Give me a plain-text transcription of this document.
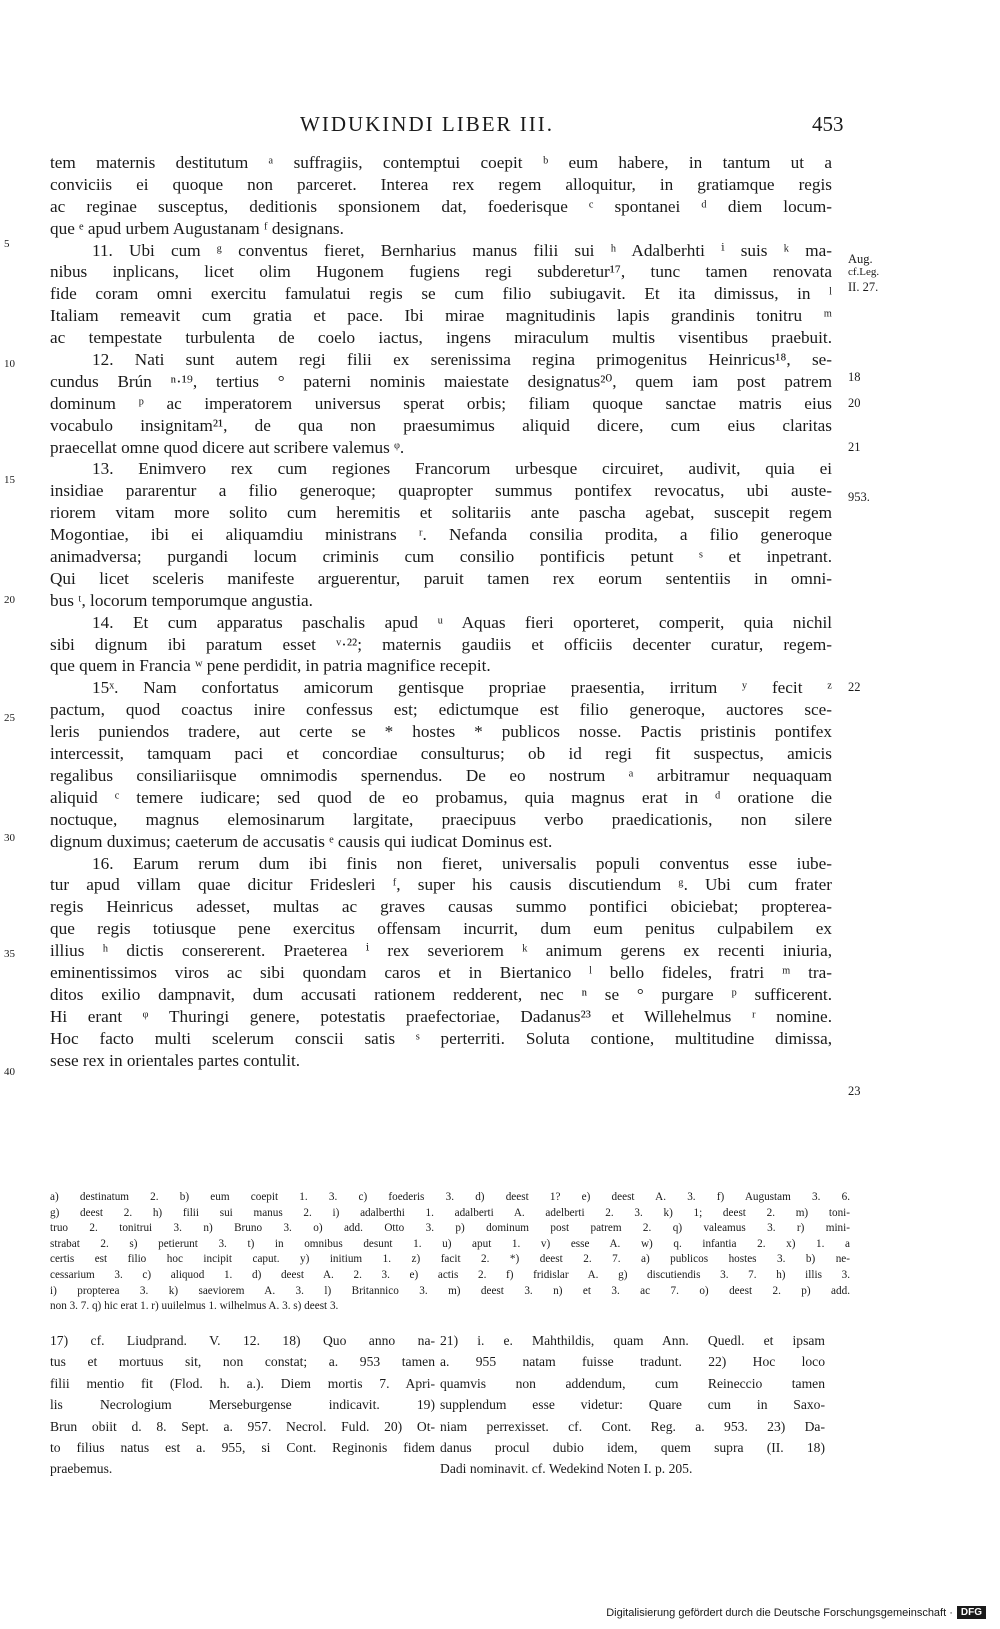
WIDUKINDI LIBER III.	453
tem maternis destitutum ᵃ suffragiis, contemptui coepit ᵇ eum habere, in tantum ut a
conviciis ei quoque non parceret. Interea rex regem alloquitur, in gratiamque regis
ac reginae susceptus, deditionis sponsionem dat, foederisque ᶜ spontanei ᵈ diem locum-
que ᵉ apud urbem Augustanam ᶠ designans.
11. Ubi cum ᵍ conventus fieret, Bernharius manus filii sui ʰ Adalberhti ⁱ suis ᵏ ma-
nibus inplicans, licet olim Hugonem fugiens regi subderetur¹⁷, tunc tamen renovata
fide coram omni exercitu famulatui regis se cum filio subiugavit. Et ita dimissus, in ˡ
Italiam remeavit cum gratia et pace. Ibi mirae magnitudinis lapis grandinis tonitru ᵐ
ac tempestate turbulenta de coelo iactus, ingens miraculum multis visentibus praebuit.
12. Nati sunt autem regi filii ex serenissima regina primogenitus Heinricus¹⁸, se-
cundus Brún ⁿ·¹⁹, tertius ° paterni nominis maiestate designatus²⁰, quem iam post patrem
dominum ᵖ ac imperatorem universus sperat orbis; filiam quoque sanctae matris eius
vocabulo insignitam²¹, de qua non praesumimus aliquid dicere, cum eius claritas
praecellat omne quod dicere aut scribere valemus ᵠ.
13. Enimvero rex cum regiones Francorum urbesque circuiret, audivit, quia ei
insidiae pararentur a filio generoque; quapropter summus pontifex revocatus, ubi auste-
riorem vitam more solito cum heremitis et solitariis ante pascha agebat, suscepit regem
Mogontiae, ibi ei aliquamdiu ministrans ʳ. Nefanda consilia prodita, a filio generoque
animadversa; purgandi locum criminis cum consilio pontificis petunt ˢ et inpetrant.
Qui licet sceleris manifeste arguerentur, paruit tamen rex eorum sententiis in omni-
bus ᵗ, locorum temporumque angustia.
14. Et cum apparatus paschalis apud ᵘ Aquas fieri oporteret, comperit, quia nichil
sibi dignum ibi paratum esset ᵛ·²²; maternis gaudiis et officiis decenter curatur, regem-
que quem in Francia ʷ pene perdidit, in patria magnifice recepit.
15ˣ. Nam confortatus amicorum gentisque propriae praesentia, irritum ʸ fecit ᶻ
pactum, quod coactus inire confessus est; edictumque est filio generoque, auctores sce-
leris puniendos tradere, aut certe se * hostes * publicos nosse. Pactis pristinis pontifex
intercessit, tamquam paci et concordiae consulturus; ob id regi fit suspectus, amicis
regalibus consiliariisque omnimodis spernendus. De eo nostrum ᵃ arbitramur nequaquam
aliquid ᶜ temere iudicare; sed quod de eo probamus, quia magnus erat in ᵈ oratione die
noctuque, magnus elemosinarum largitate, praecipuus verbo praedicationis, non silere
dignum duximus; caeterum de accusatis ᵉ causis qui iudicat Dominus est.
16. Earum rerum dum ibi finis non fieret, universalis populi conventus esse iube-
tur apud villam quae dicitur Fridesleri ᶠ, super his causis discutiendum ᵍ. Ubi cum frater
regis Heinricus adesset, multas ac graves causas summo pontifici obiciebat; propterea-
que regis totiusque pene exercitus offensam incurrit, dum eum penitus culpabilem ex
illius ʰ dictis consererent. Praeterea ⁱ rex severiorem ᵏ animum gerens ex recenti iniuria,
eminentissimos viros ac sibi quondam caros et in Biertanico ˡ bello fideles, fratri ᵐ tra-
ditos exilio dampnavit, dum accusati rationem redderent, nec ⁿ se ° purgare ᵖ sufficerent.
Hi erant ᵠ Thuringi genere, potestatis praefectoriae, Dadanus²³ et Willehelmus ʳ nomine.
Hoc facto multi scelerum conscii satis ˢ perterriti. Soluta contione, multitudine dimissa,
sese rex in orientales partes contulit.
5
10
15
20
25
30
35
40
Aug.
cf.Leg.
II. 27.
18
20
21
953.
22
23
a) destinatum 2. b) eum coepit 1. 3. c) foederis 3. d) deest 1? e) deest A. 3. f) Augustam 3. 6.
g) deest 2. h) filii sui manus 2. i) adalberthi 1. adalberti A. adelberti 2. 3. k) 1; deest 2. m) toni-
truo 2. tonitrui 3. n) Bruno 3. o) add. Otto 3. p) dominum post patrem 2. q) valeamus 3. r) mini-
strabat 2. s) petierunt 3. t) in omnibus desunt 1. u) aput 1. v) esse A. w) q. infantia 2. x) 1. a
certis est filio hoc incipit caput. y) initium 1. z) facit 2. *) deest 2. 7. a) publicos hostes 3. b) ne-
cessarium 3. c) aliquod 1. d) deest A. 2. 3. e) actis 2. f) fridislar A. g) discutiendis 3. 7. h) illis 3.
i) propterea 3. k) saeviorem A. 3. l) Britannico 3. m) deest 3. n) et 3. ac 7. o) deest 2. p) add.
non 3. 7. q) hic erat 1. r) uuilelmus 1. wilhelmus A. 3. s) deest 3.
17) cf. Liudprand. V. 12. 18) Quo anno na-
tus et mortuus sit, non constat; a. 953 tamen
filii mentio fit (Flod. h. a.). Diem mortis 7. Apri-
lis Necrologium Merseburgense indicavit. 19)
Brun obiit d. 8. Sept. a. 957. Necrol. Fuld. 20) Ot-
to filius natus est a. 955, si Cont. Reginonis fidem
praebemus.
21) i. e. Mahthildis, quam Ann. Quedl. et ipsam
a. 955 natam fuisse tradunt. 22) Hoc loco
quamvis non addendum, cum Reineccio tamen
supplendum esse videtur: Quare cum in Saxo-
niam perrexisset. cf. Cont. Reg. a. 953. 23) Da-
danus procul dubio idem, quem supra (II. 18)
Dadi nominavit. cf. Wedekind Noten I. p. 205.
Digitalisierung gefördert durch die Deutsche Forschungsgemeinschaft · DFG
